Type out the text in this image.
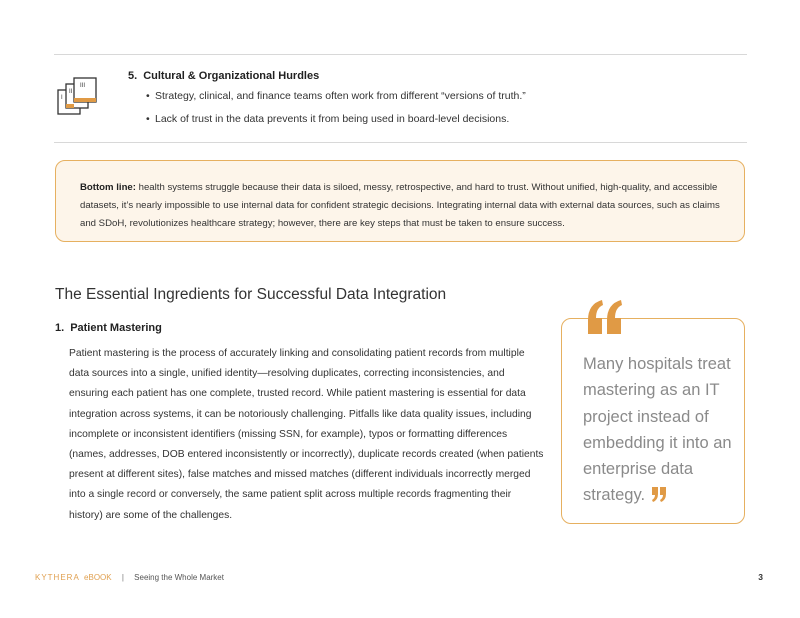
III
II
I
5. Cultural & Organizational Hurdles
• Strategy, clinical, and finance teams often work from different “versions of truth.”
• Lack of trust in the data prevents it from being used in board-level decisions.

Bottom line: health systems struggle because their data is siloed, messy, retrospective, and hard to trust. Without unified, high-quality, and accessible datasets, it’s nearly impossible to use internal data for confident strategic decisions. Integrating internal data with external data sources, such as claims and SDoH, revolutionizes healthcare strategy; however, there are key steps that must be taken to ensure success.

The Essential Ingredients for Successful Data Integration
1. Patient Mastering

Patient mastering is the process of accurately linking and consolidating patient records from multiple data sources into a single, unified identity—resolving duplicates, correcting inconsistencies, and ensuring each patient has one complete, trusted record. While patient mastering is essential for data integration across systems, it can be notoriously challenging. Pitfalls like data quality issues, including incomplete or inconsistent identifiers (missing SSN, for example), typos or formatting differences (names, addresses, DOB entered inconsistently or incorrectly), duplicate records created (when patients present at different sites), false matches and missed matches (different individuals incorrectly merged into a single record or conversely, the same patient split across multiple records fragmenting their history) are some of the challenges.

Many hospitals treat mastering as an IT project instead of embedding it into an enterprise data strategy.

KYTHERA eBOOK | Seeing the Whole Market	3
